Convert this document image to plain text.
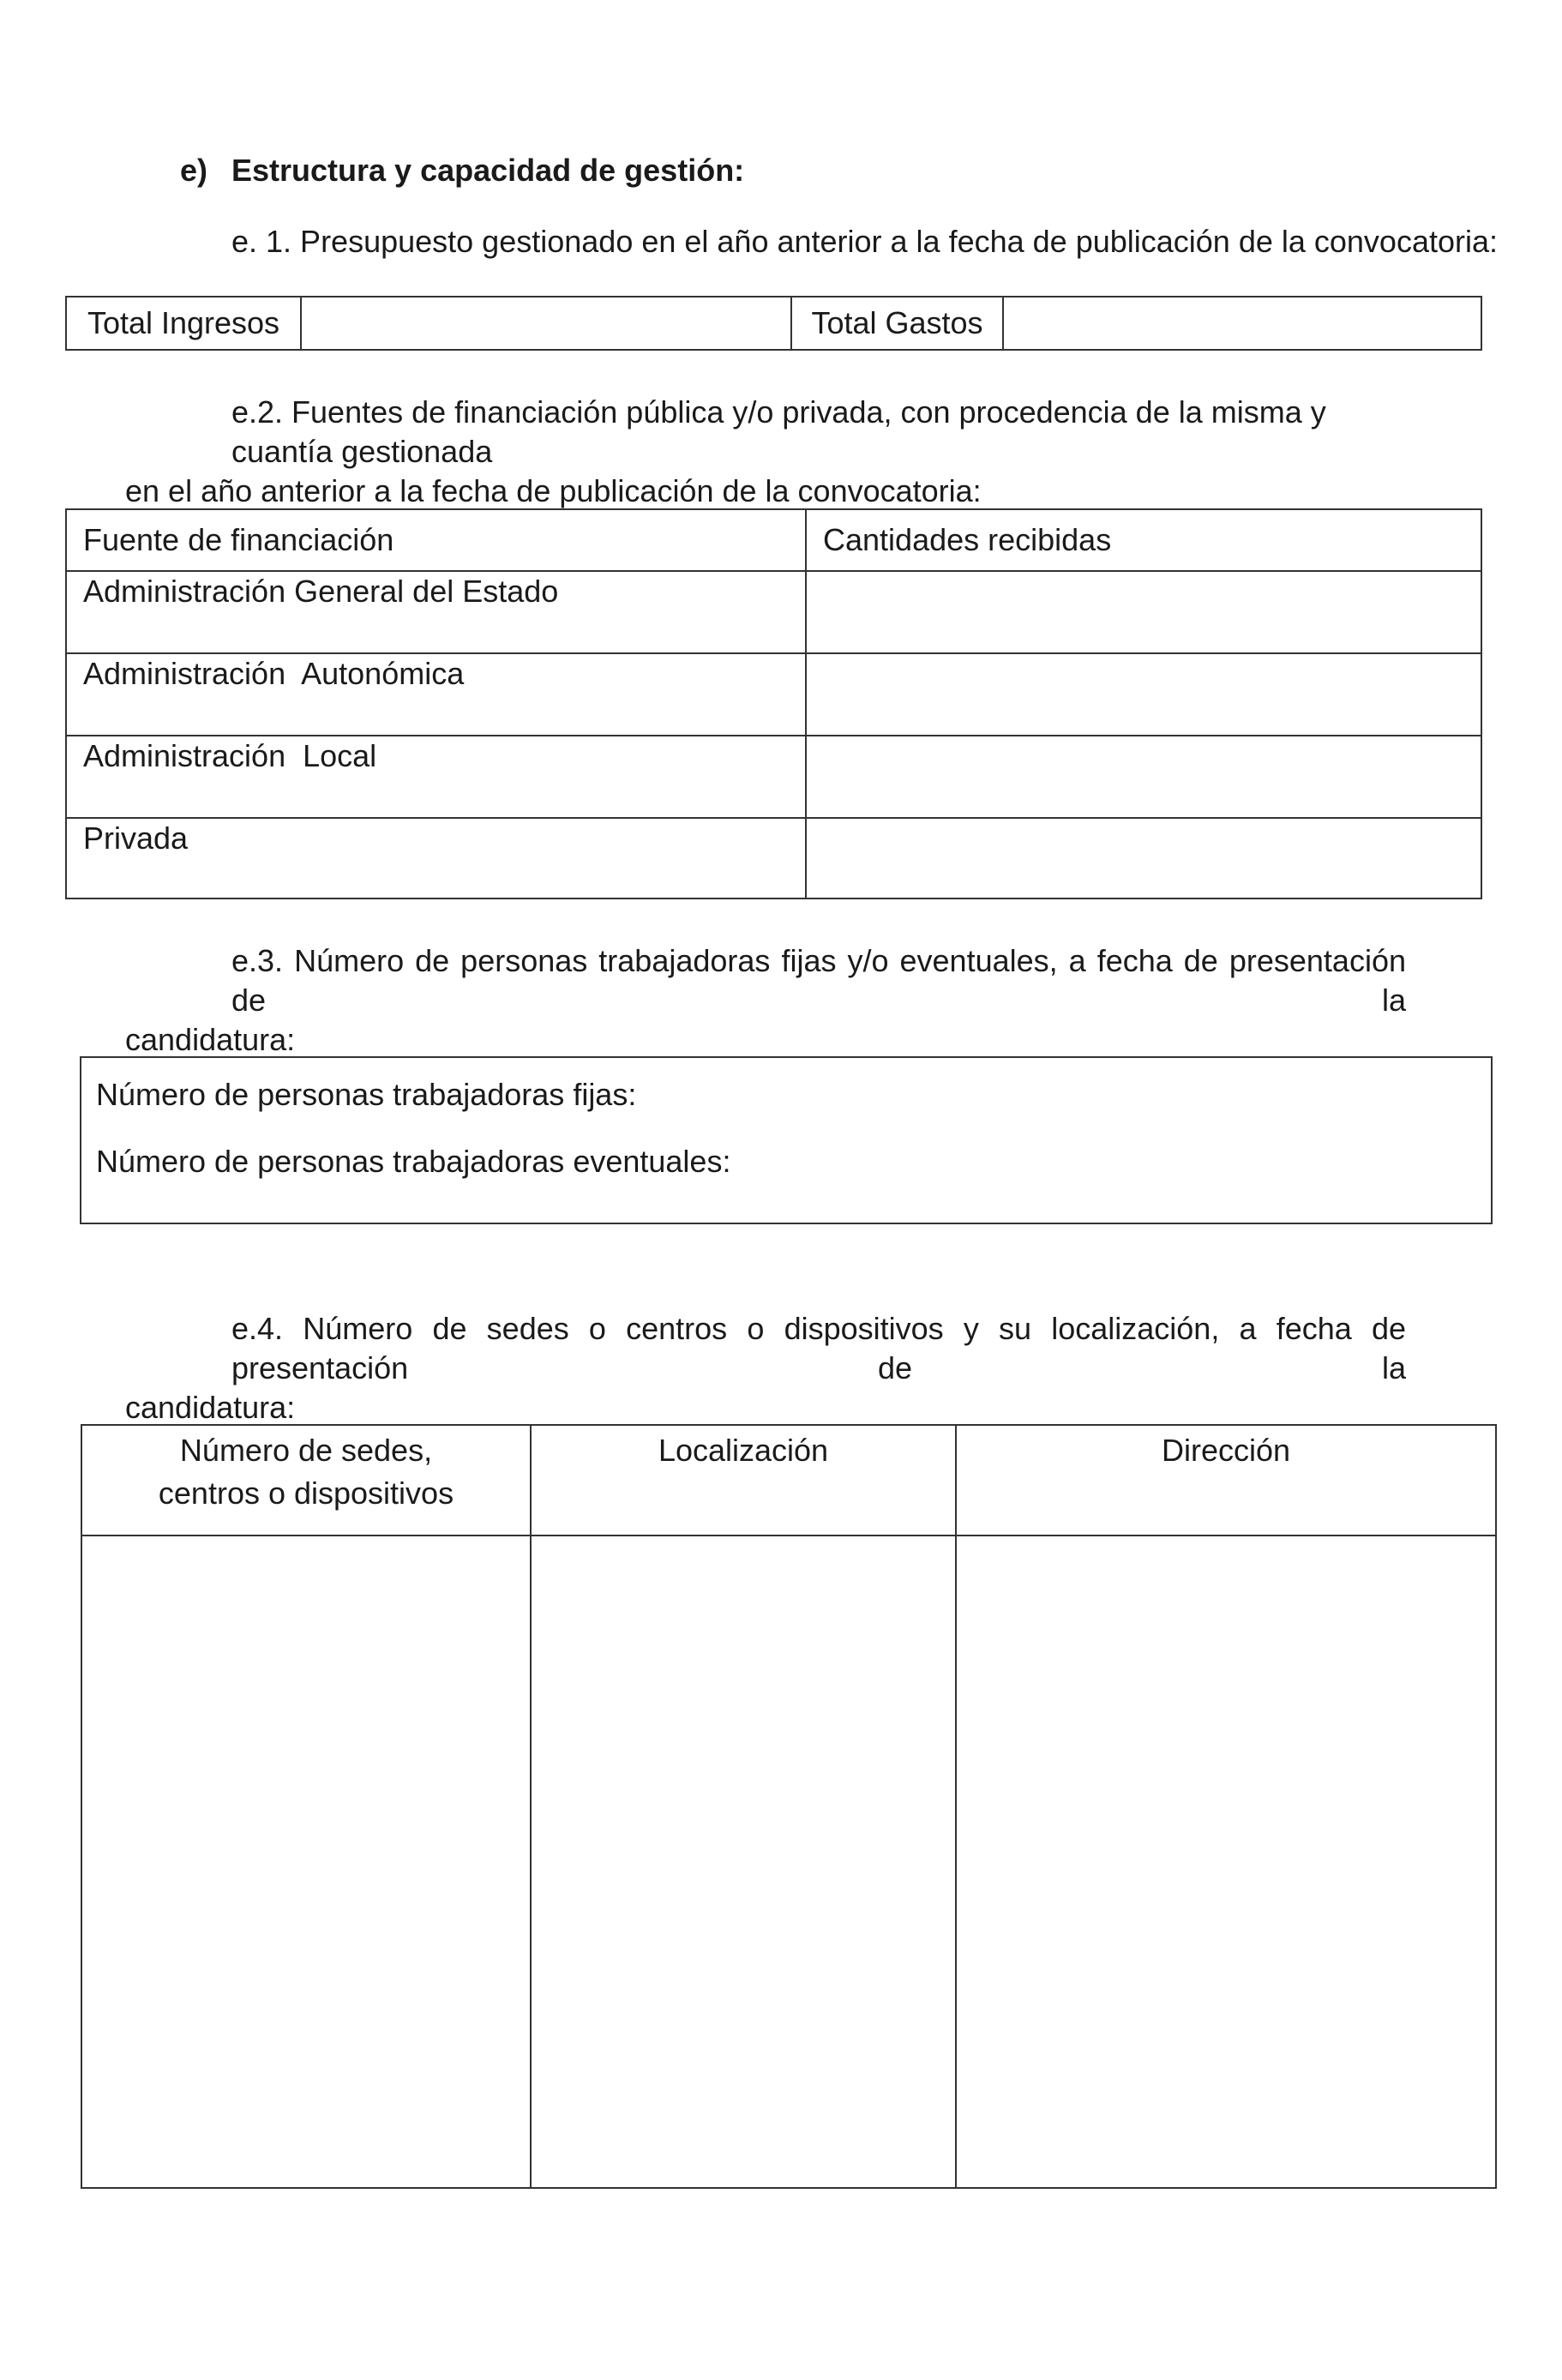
e) Estructura y capacidad de gestión:

e. 1. Presupuesto gestionado en el año anterior a la fecha de publicación de la convocatoria:

Total Ingresos		Total Gastos	

e.2. Fuentes de financiación pública y/o privada, con procedencia de la misma y cuantía gestionada

en el año anterior a la fecha de publicación de la convocatoria:

Fuente de financiación	Cantidades recibidas
Administración General del Estado	
Administración  Autonómica	
Administración  Local	
Privada	

e.3. Número de personas trabajadoras fijas y/o eventuales, a fecha de presentación de la

candidatura:

Número de personas trabajadoras fijas:
Número de personas trabajadoras eventuales:

e.4. Número de sedes o centros o dispositivos y su localización, a fecha de presentación de la

candidatura:

Número de sedes, centros o dispositivos	Localización	Dirección
